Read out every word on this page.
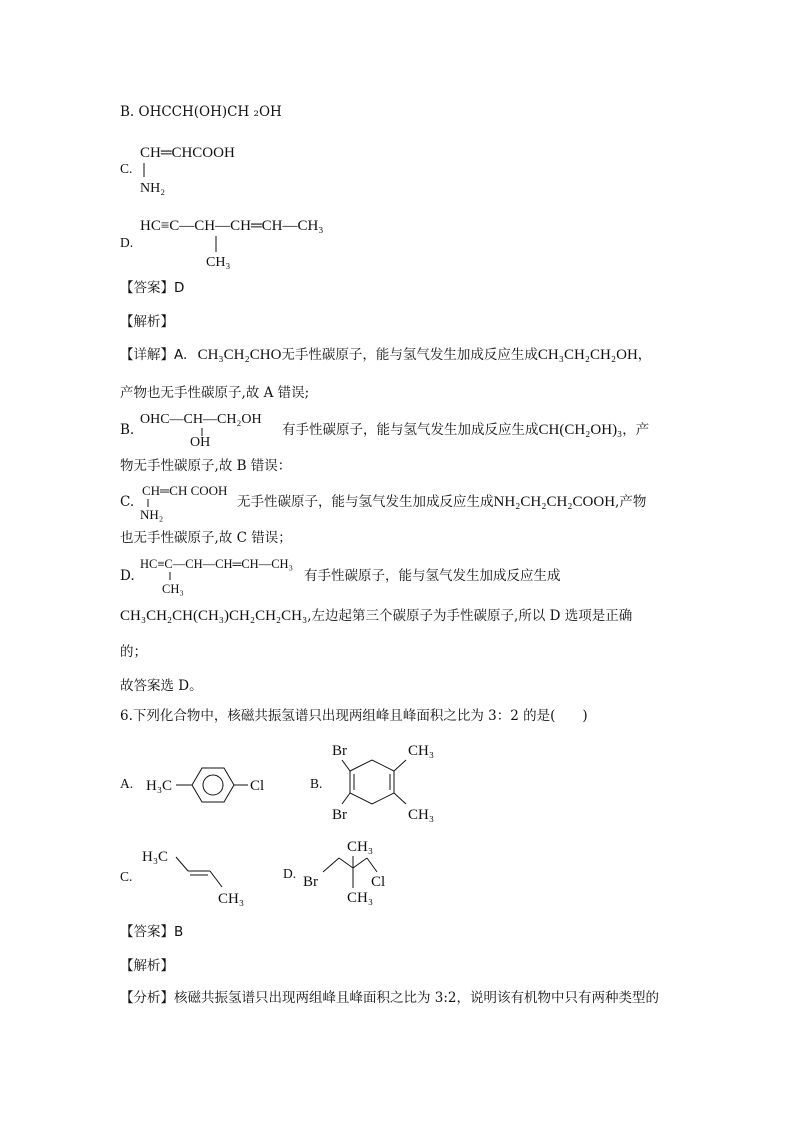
B. OHCCH(OH)CH ₂OH
C.
CH═CHCOOH
NH₂
D.
HC≡C—CH—CH═CH—CH₃
CH₃
【答案】D
【解析】
【详解】A. CH₃CH₂CHO无手性碳原子，能与氢气发生加成反应生成CH₃CH₂CH₂OH，
产物也无手性碳原子,故 A 错误;
B.
OHC—CH—CH₂OH
OH
有手性碳原子，能与氢气发生加成反应生成CH(CH₂OH)₃，产
物无手性碳原子,故 B 错误：
C.
CH═CH COOH
NH₂
无手性碳原子，能与氢气发生加成反应生成NH₂CH₂CH₂COOH,产物
也无手性碳原子,故 C 错误；
D.
HC≡C—CH—CH═CH—CH₃
CH₃
有手性碳原子，能与氢气发生加成反应生成
CH₃CH₂CH(CH₃)CH₂CH₂CH₃,左边起第三个碳原子为手性碳原子,所以 D 选项是正确
的；
故答案选 D。
6.下列化合物中，核磁共振氢谱只出现两组峰且峰面积之比为 3：2 的是(　　)
A. H₃C	Cl	B.
Br
Br
CH₃
CH₃
C.
H₃C
CH₃
D.
CH₃
CH₃
Br	Cl
【答案】B
【解析】
【分析】核磁共振氢谱只出现两组峰且峰面积之比为 3:2，说明该有机物中只有两种类型的
